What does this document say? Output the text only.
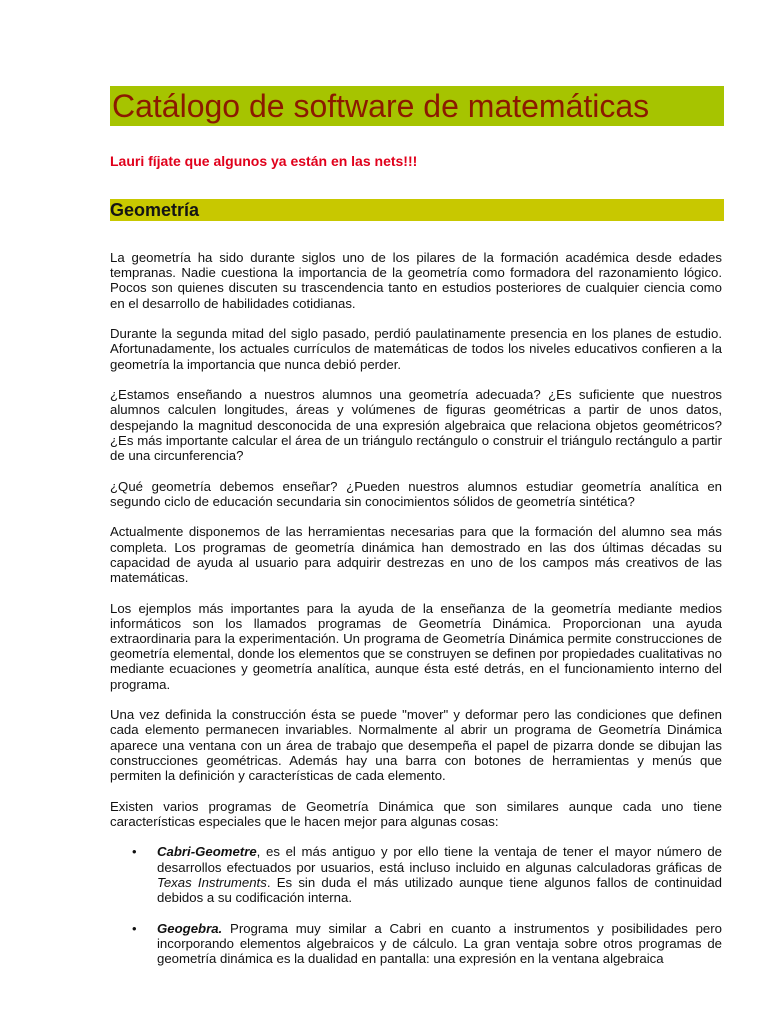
Catálogo de software de matemáticas
Lauri fíjate que algunos ya están en las nets!!!
Geometría

La geometría ha sido durante siglos uno de los pilares de la formación académica desde edades tempranas. Nadie cuestiona la importancia de la geometría como formadora del razonamiento lógico. Pocos son quienes discuten su trascendencia tanto en estudios posteriores de cualquier ciencia como en el desarrollo de habilidades cotidianas.

Durante la segunda mitad del siglo pasado, perdió paulatinamente presencia en los planes de estudio. Afortunadamente, los actuales currículos de matemáticas de todos los niveles educativos confieren a la geometría la importancia que nunca debió perder.

¿Estamos enseñando a nuestros alumnos una geometría adecuada? ¿Es suficiente que nuestros alumnos calculen longitudes, áreas y volúmenes de figuras geométricas a partir de unos datos, despejando la magnitud desconocida de una expresión algebraica que relaciona objetos geométricos? ¿Es más importante calcular el área de un triángulo rectángulo o construir el triángulo rectángulo a partir de una circunferencia?

¿Qué geometría debemos enseñar? ¿Pueden nuestros alumnos estudiar geometría analítica en segundo ciclo de educación secundaria sin conocimientos sólidos de geometría sintética?

Actualmente disponemos de las herramientas necesarias para que la formación del alumno sea más completa. Los programas de geometría dinámica han demostrado en las dos últimas décadas su capacidad de ayuda al usuario para adquirir destrezas en uno de los campos más creativos de las matemáticas.

Los ejemplos más importantes para la ayuda de la enseñanza de la geometría mediante medios informáticos son los llamados programas de Geometría Dinámica. Proporcionan una ayuda extraordinaria para la experimentación. Un programa de Geometría Dinámica permite construcciones de geometría elemental, donde los elementos que se construyen se definen por propiedades cualitativas no mediante ecuaciones y geometría analítica, aunque ésta esté detrás, en el funcionamiento interno del programa.

Una vez definida la construcción ésta se puede "mover" y deformar pero las condiciones que definen cada elemento permanecen invariables. Normalmente al abrir un programa de Geometría Dinámica aparece una ventana con un área de trabajo que desempeña el papel de pizarra donde se dibujan las construcciones geométricas. Además hay una barra con botones de herramientas y menús que permiten la definición y características de cada elemento.

Existen varios programas de Geometría Dinámica que son similares aunque cada uno tiene características especiales que le hacen mejor para algunas cosas:

• Cabri-Geometre, es el más antiguo y por ello tiene la ventaja de tener el mayor número de desarrollos efectuados por usuarios, está incluso incluido en algunas calculadoras gráficas de Texas Instruments. Es sin duda el más utilizado aunque tiene algunos fallos de continuidad debidos a su codificación interna.
• Geogebra. Programa muy similar a Cabri en cuanto a instrumentos y posibilidades pero incorporando elementos algebraicos y de cálculo. La gran ventaja sobre otros programas de geometría dinámica es la dualidad en pantalla: una expresión en la ventana algebraica
